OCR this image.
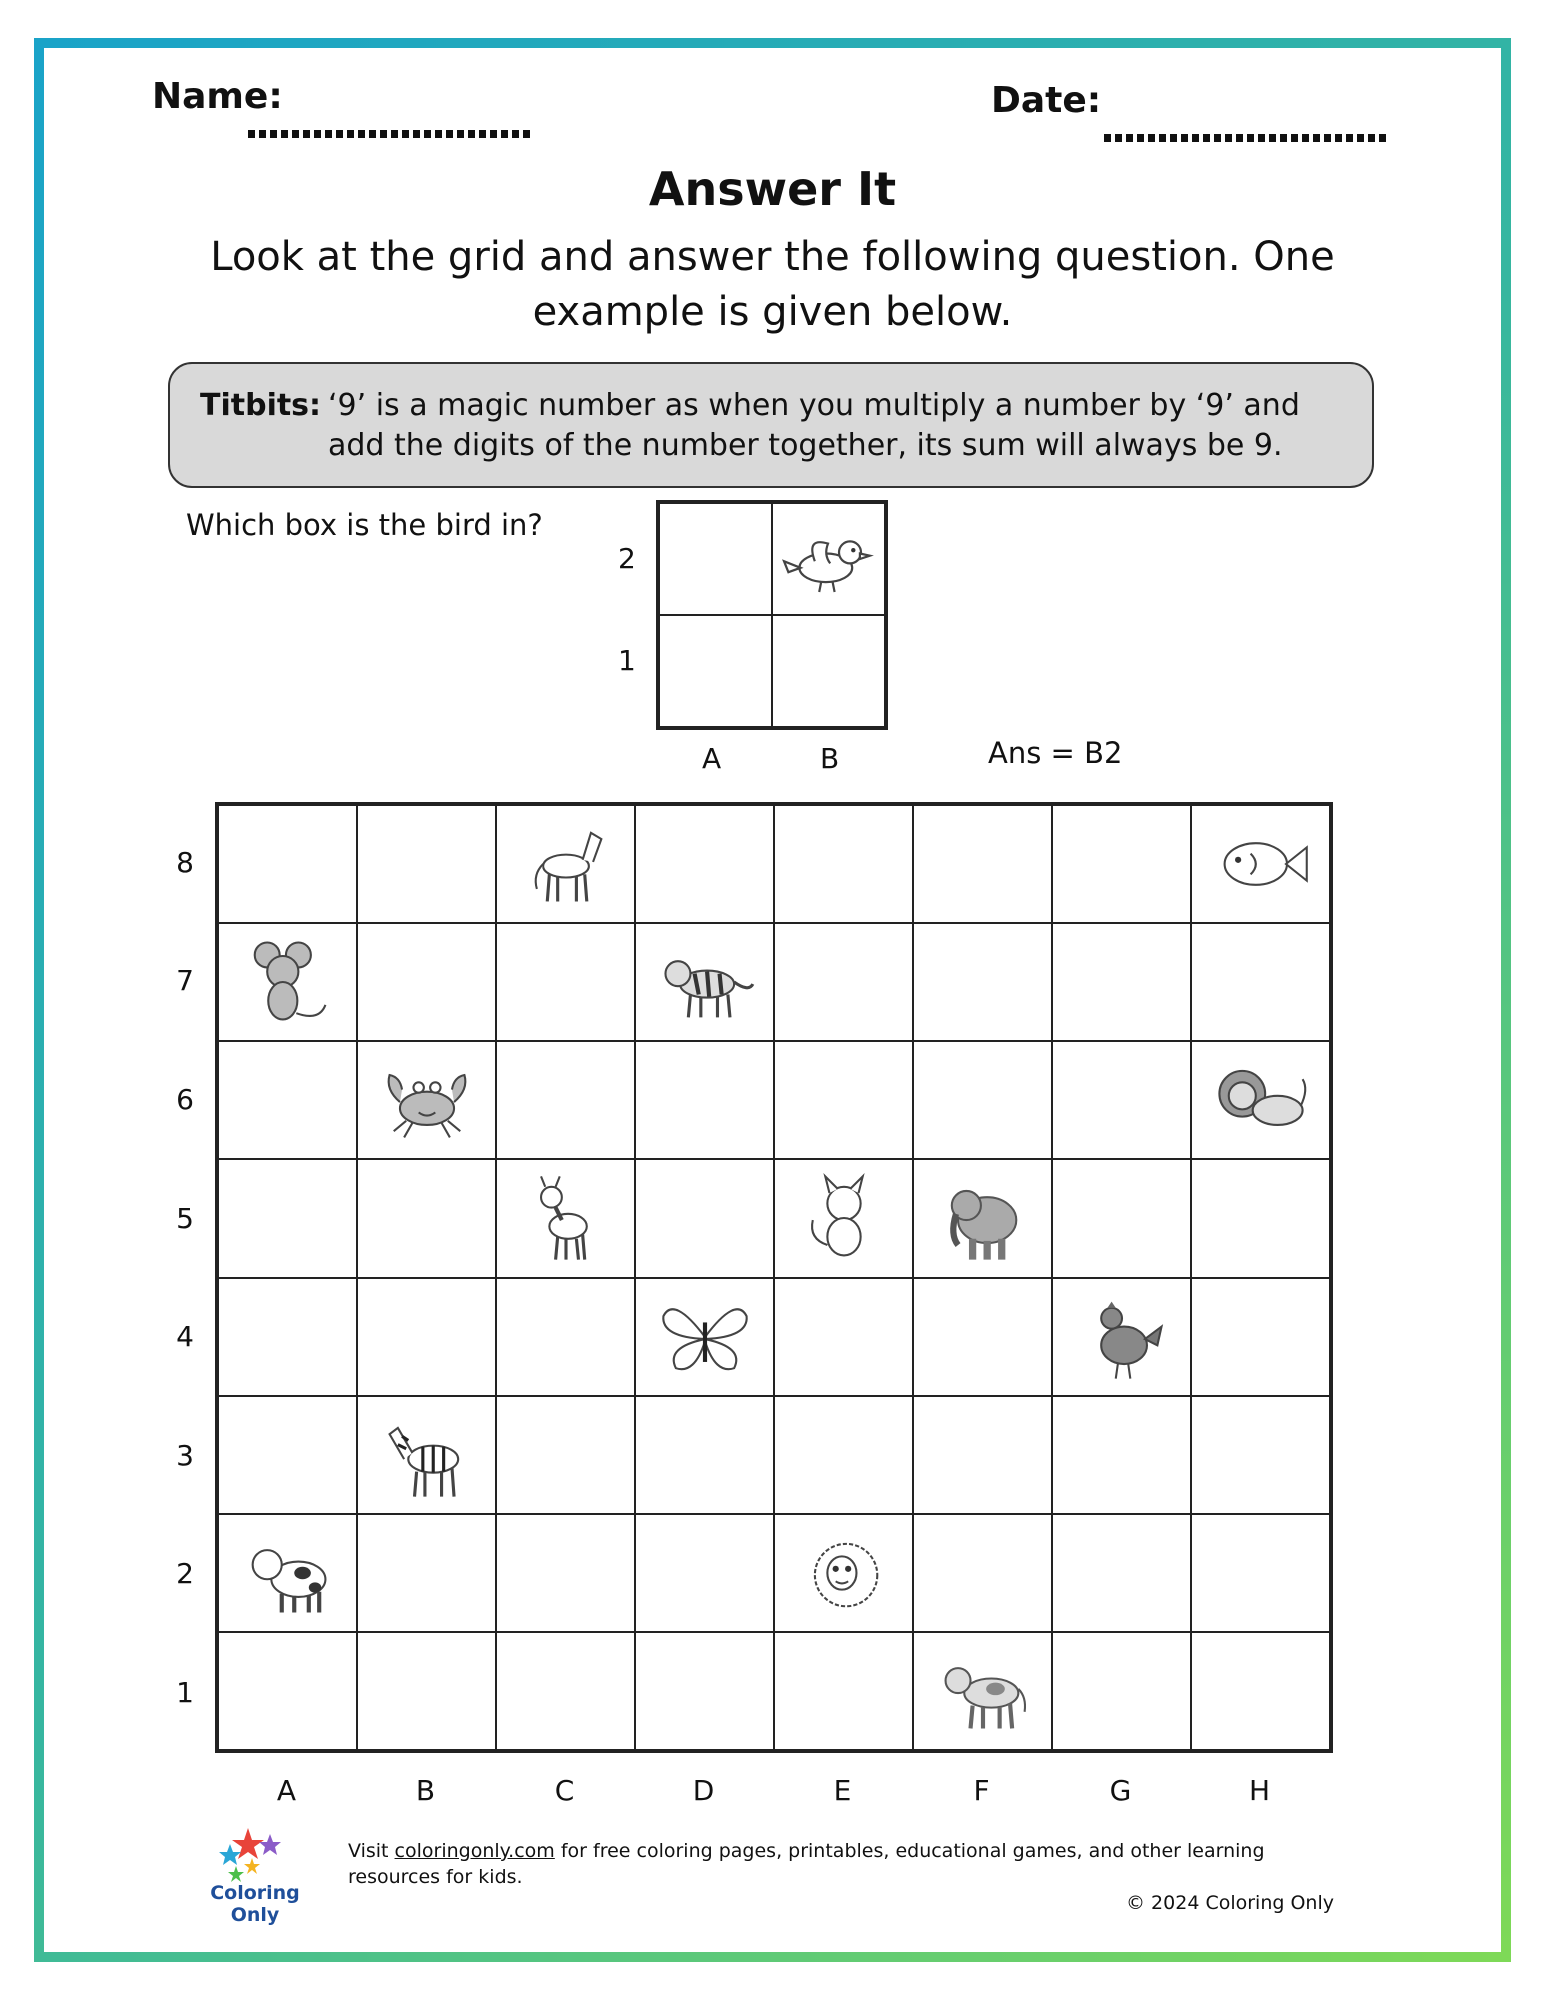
Name:	Date:
Answer It
Look at the grid and answer the following question. One example is given below.
Titbits: ‘9’ is a magic number as when you multiply a number by ‘9’ and add the digits of the number together, its sum will always be 9.
Which box is the bird in?
2
1
A	B	Ans = B2
8
7
6
5
4
3
2
1
A	B	C	D	E	F	G	H
Coloring Only
Visit coloringonly.com for free coloring pages, printables, educational games, and other learning resources for kids.
© 2024 Coloring Only
